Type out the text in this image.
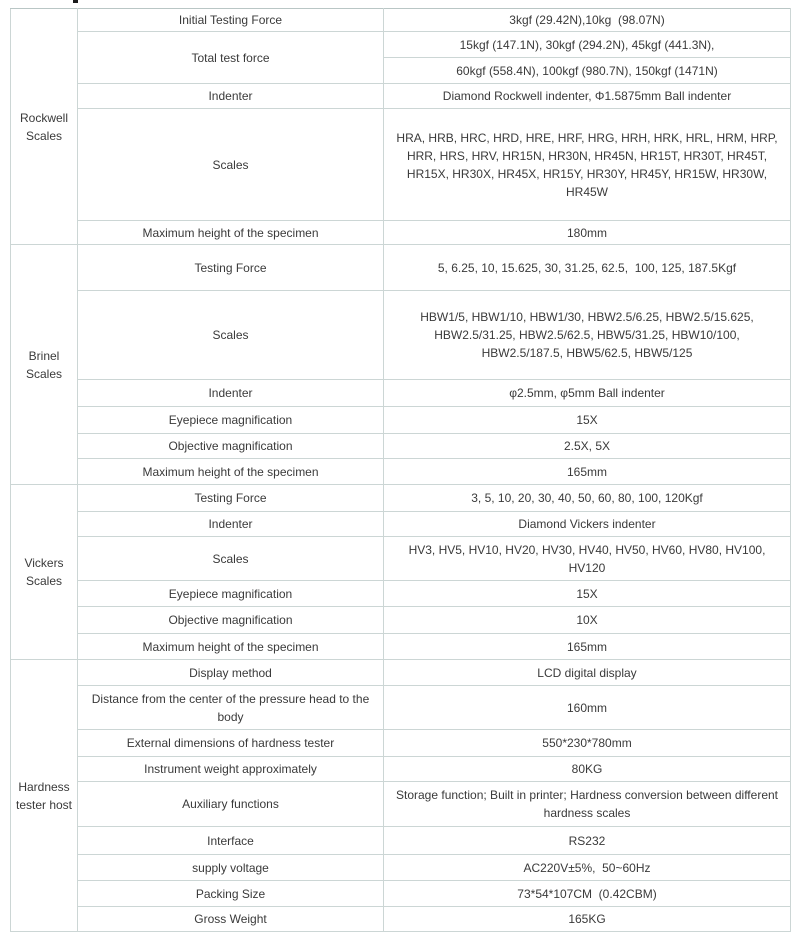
Rockwell Scales	Initial Testing Force	3kgf (29.42N),10kg  (98.07N)
	Total test force	15kgf (147.1N), 30kgf (294.2N), 45kgf (441.3N),
		60kgf (558.4N), 100kgf (980.7N), 150kgf (1471N)
	Indenter	Diamond Rockwell indenter, Φ1.5875mm Ball indenter
	Scales	HRA, HRB, HRC, HRD, HRE, HRF, HRG, HRH, HRK, HRL, HRM, HRP, HRR, HRS, HRV, HR15N, HR30N, HR45N, HR15T, HR30T, HR45T, HR15X, HR30X, HR45X, HR15Y, HR30Y, HR45Y, HR15W, HR30W, HR45W
	Maximum height of the specimen	180mm
Brinel Scales	Testing Force	5, 6.25, 10, 15.625, 30, 31.25, 62.5,  100, 125, 187.5Kgf
	Scales	HBW1/5, HBW1/10, HBW1/30, HBW2.5/6.25, HBW2.5/15.625, HBW2.5/31.25, HBW2.5/62.5, HBW5/31.25, HBW10/100, HBW2.5/187.5, HBW5/62.5, HBW5/125
	Indenter	φ2.5mm, φ5mm Ball indenter
	Eyepiece magnification	15X
	Objective magnification	2.5X, 5X
	Maximum height of the specimen	165mm
Vickers Scales	Testing Force	3, 5, 10, 20, 30, 40, 50, 60, 80, 100, 120Kgf
	Indenter	Diamond Vickers indenter
	Scales	HV3, HV5, HV10, HV20, HV30, HV40, HV50, HV60, HV80, HV100, HV120
	Eyepiece magnification	15X
	Objective magnification	10X
	Maximum height of the specimen	165mm
Hardness tester host	Display method	LCD digital display
	Distance from the center of the pressure head to the body	160mm
	External dimensions of hardness tester	550*230*780mm
	Instrument weight approximately	80KG
	Auxiliary functions	Storage function; Built in printer; Hardness conversion between different hardness scales
	Interface	RS232
	supply voltage	AC220V±5%,  50~60Hz
	Packing Size	73*54*107CM  (0.42CBM)
	Gross Weight	165KG
